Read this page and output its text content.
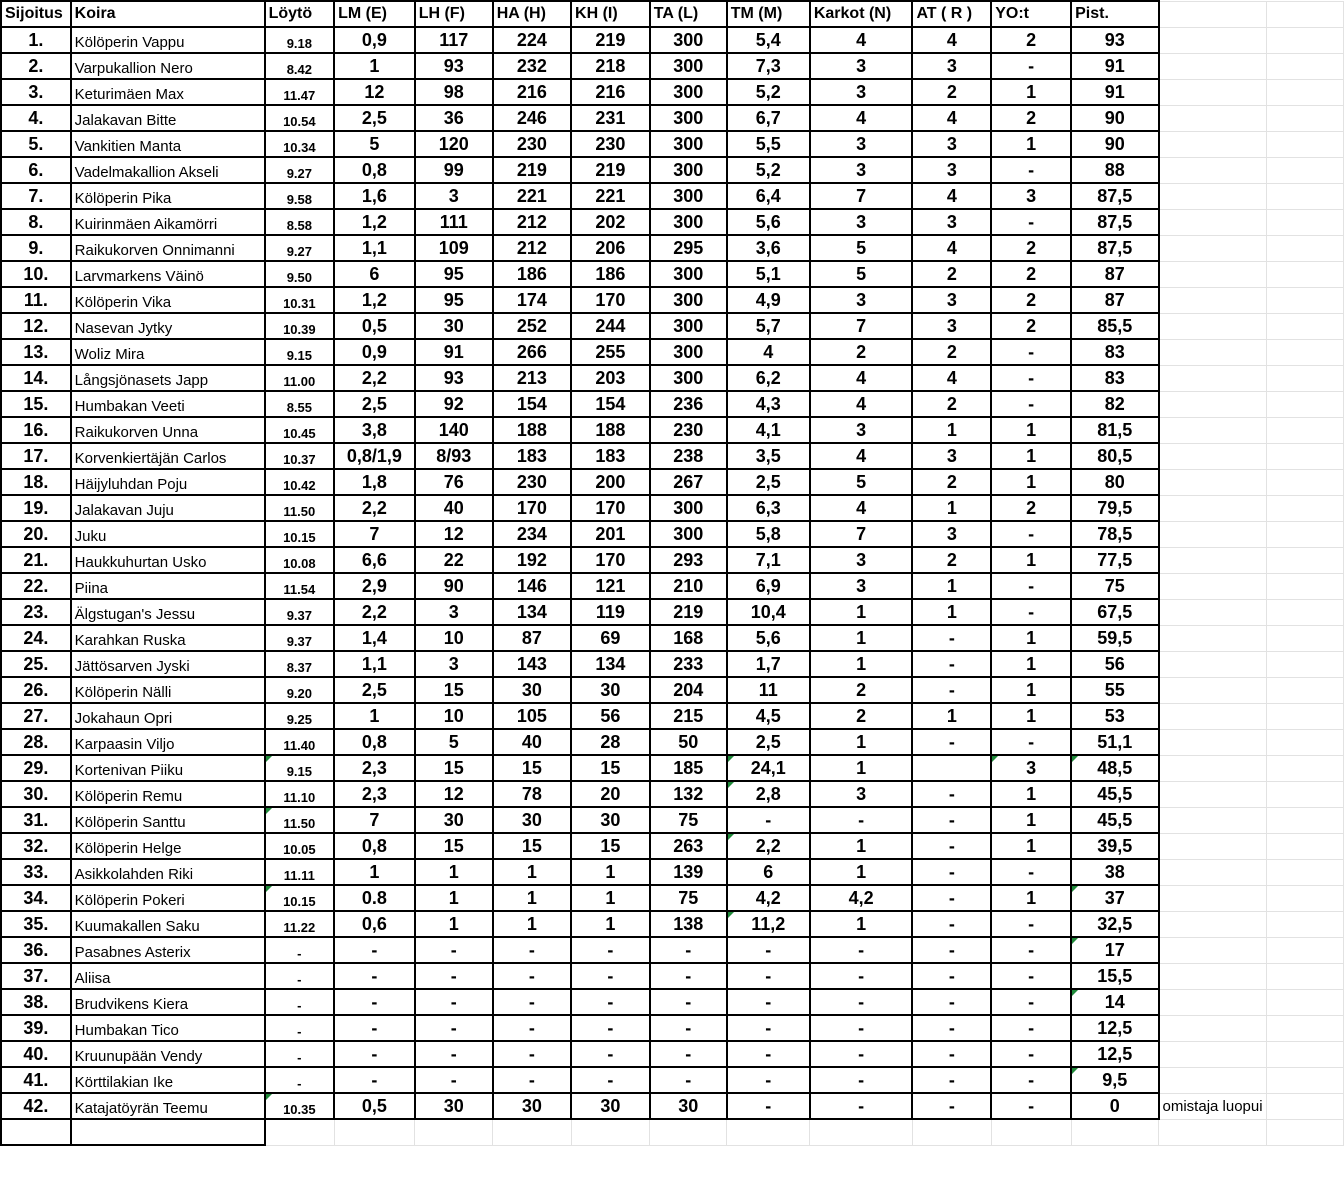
Sijoitus	Koira	Löytö	LM (E)	LH (F)	HA (H)	KH (I)	TA (L)	TM (M)	Karkot (N)	AT ( R )	YO:t	Pist.		
1.	Kölöperin Vappu	9.18	0,9	117	224	219	300	5,4	4	4	2	93		
2.	Varpukallion Nero	8.42	1	93	232	218	300	7,3	3	3	-	91		
3.	Keturimäen Max	11.47	12	98	216	216	300	5,2	3	2	1	91		
4.	Jalakavan Bitte	10.54	2,5	36	246	231	300	6,7	4	4	2	90		
5.	Vankitien Manta	10.34	5	120	230	230	300	5,5	3	3	1	90		
6.	Vadelmakallion Akseli	9.27	0,8	99	219	219	300	5,2	3	3	-	88		
7.	Kölöperin Pika	9.58	1,6	3	221	221	300	6,4	7	4	3	87,5		
8.	Kuirinmäen Aikamörri	8.58	1,2	111	212	202	300	5,6	3	3	-	87,5		
9.	Raikukorven Onnimanni	9.27	1,1	109	212	206	295	3,6	5	4	2	87,5		
10.	Larvmarkens Väinö	9.50	6	95	186	186	300	5,1	5	2	2	87		
11.	Kölöperin Vika	10.31	1,2	95	174	170	300	4,9	3	3	2	87		
12.	Nasevan Jytky	10.39	0,5	30	252	244	300	5,7	7	3	2	85,5		
13.	Woliz Mira	9.15	0,9	91	266	255	300	4	2	2	-	83		
14.	Långsjönasets Japp	11.00	2,2	93	213	203	300	6,2	4	4	-	83		
15.	Humbakan Veeti	8.55	2,5	92	154	154	236	4,3	4	2	-	82		
16.	Raikukorven Unna	10.45	3,8	140	188	188	230	4,1	3	1	1	81,5		
17.	Korvenkiertäjän Carlos	10.37	0,8/1,9	8/93	183	183	238	3,5	4	3	1	80,5		
18.	Häijyluhdan Poju	10.42	1,8	76	230	200	267	2,5	5	2	1	80		
19.	Jalakavan Juju	11.50	2,2	40	170	170	300	6,3	4	1	2	79,5		
20.	Juku	10.15	7	12	234	201	300	5,8	7	3	-	78,5		
21.	Haukkuhurtan Usko	10.08	6,6	22	192	170	293	7,1	3	2	1	77,5		
22.	Piina	11.54	2,9	90	146	121	210	6,9	3	1	-	75		
23.	Älgstugan's Jessu	9.37	2,2	3	134	119	219	10,4	1	1	-	67,5		
24.	Karahkan Ruska	9.37	1,4	10	87	69	168	5,6	1	-	1	59,5		
25.	Jättösarven Jyski	8.37	1,1	3	143	134	233	1,7	1	-	1	56		
26.	Kölöperin Nälli	9.20	2,5	15	30	30	204	11	2	-	1	55		
27.	Jokahaun Opri	9.25	1	10	105	56	215	4,5	2	1	1	53		
28.	Karpaasin Viljo	11.40	0,8	5	40	28	50	2,5	1	-	-	51,1		
29.	Kortenivan Piiku	9.15	2,3	15	15	15	185	24,1	1		3	48,5		
30.	Kölöperin Remu	11.10	2,3	12	78	20	132	2,8	3	-	1	45,5		
31.	Kölöperin Santtu	11.50	7	30	30	30	75	-	-	-	1	45,5		
32.	Kölöperin Helge	10.05	0,8	15	15	15	263	2,2	1	-	1	39,5		
33.	Asikkolahden Riki	11.11	1	1	1	1	139	6	1	-	-	38		
34.	Kölöperin Pokeri	10.15	0.8	1	1	1	75	4,2	4,2	-	1	37		
35.	Kuumakallen Saku	11.22	0,6	1	1	1	138	11,2	1	-	-	32,5		
36.	Pasabnes Asterix	-	-	-	-	-	-	-	-	-	-	17		
37.	Aliisa	-	-	-	-	-	-	-	-	-	-	15,5		
38.	Brudvikens Kiera	-	-	-	-	-	-	-	-	-	-	14		
39.	Humbakan Tico	-	-	-	-	-	-	-	-	-	-	12,5		
40.	Kruunupään Vendy	-	-	-	-	-	-	-	-	-	-	12,5		
41.	Körttilakian Ike	-	-	-	-	-	-	-	-	-	-	9,5		
42.	Katajatöyrän Teemu	10.35	0,5	30	30	30	30	-	-	-	-	0	omistaja luopui	
